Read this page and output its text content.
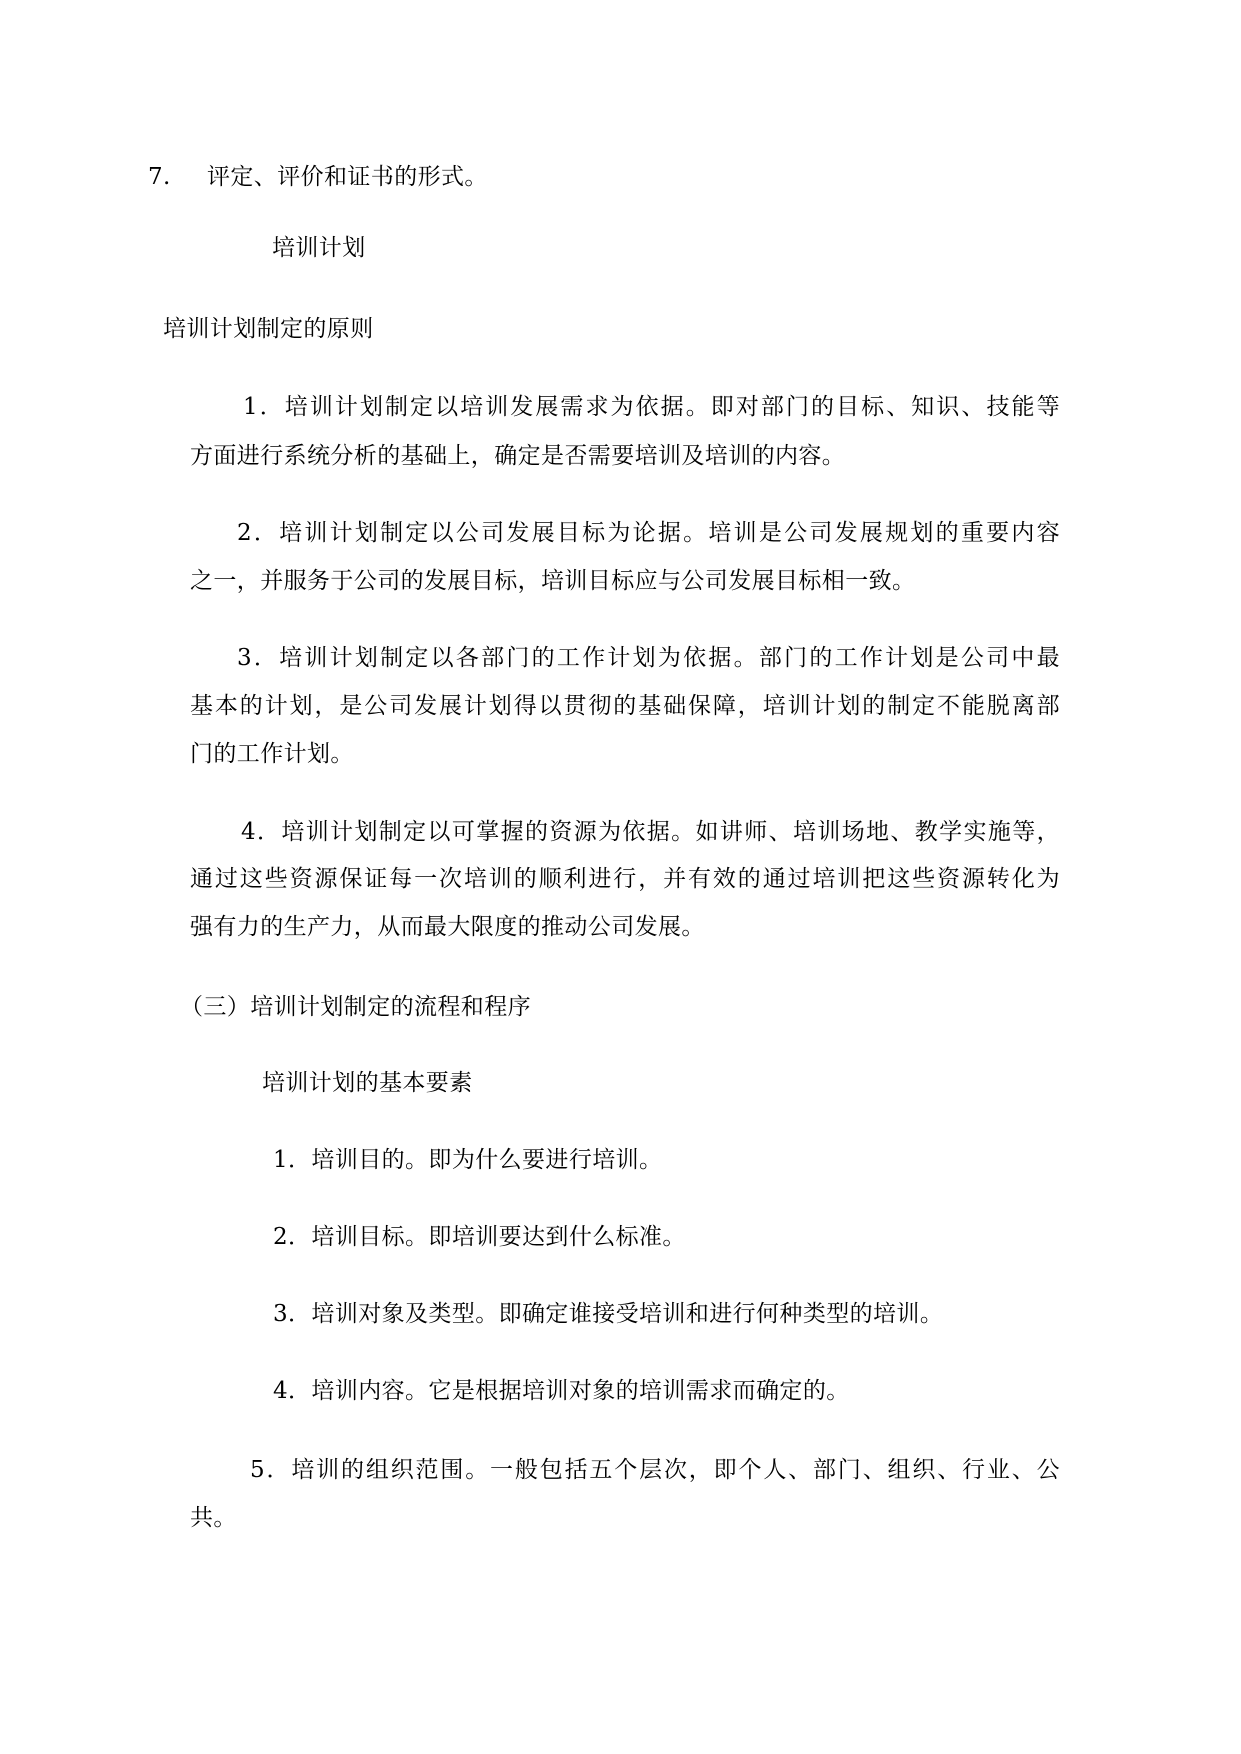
7. 评定、评价和证书的形式。
培训计划
培训计划制定的原则
1．培训计划制定以培训发展需求为依据。即对部门的目标、知识、技能等
方面进行系统分析的基础上，确定是否需要培训及培训的内容。
2．培训计划制定以公司发展目标为论据。培训是公司发展规划的重要内容
之一，并服务于公司的发展目标，培训目标应与公司发展目标相一致。
3．培训计划制定以各部门的工作计划为依据。部门的工作计划是公司中最
基本的计划，是公司发展计划得以贯彻的基础保障，培训计划的制定不能脱离部
门的工作计划。
4．培训计划制定以可掌握的资源为依据。如讲师、培训场地、教学实施等，
通过这些资源保证每一次培训的顺利进行，并有效的通过培训把这些资源转化为
强有力的生产力，从而最大限度的推动公司发展。
（三）培训计划制定的流程和程序
培训计划的基本要素
1．培训目的。即为什么要进行培训。
2．培训目标。即培训要达到什么标准。
3．培训对象及类型。即确定谁接受培训和进行何种类型的培训。
4．培训内容。它是根据培训对象的培训需求而确定的。
5．培训的组织范围。一般包括五个层次，即个人、部门、组织、行业、公
共。
